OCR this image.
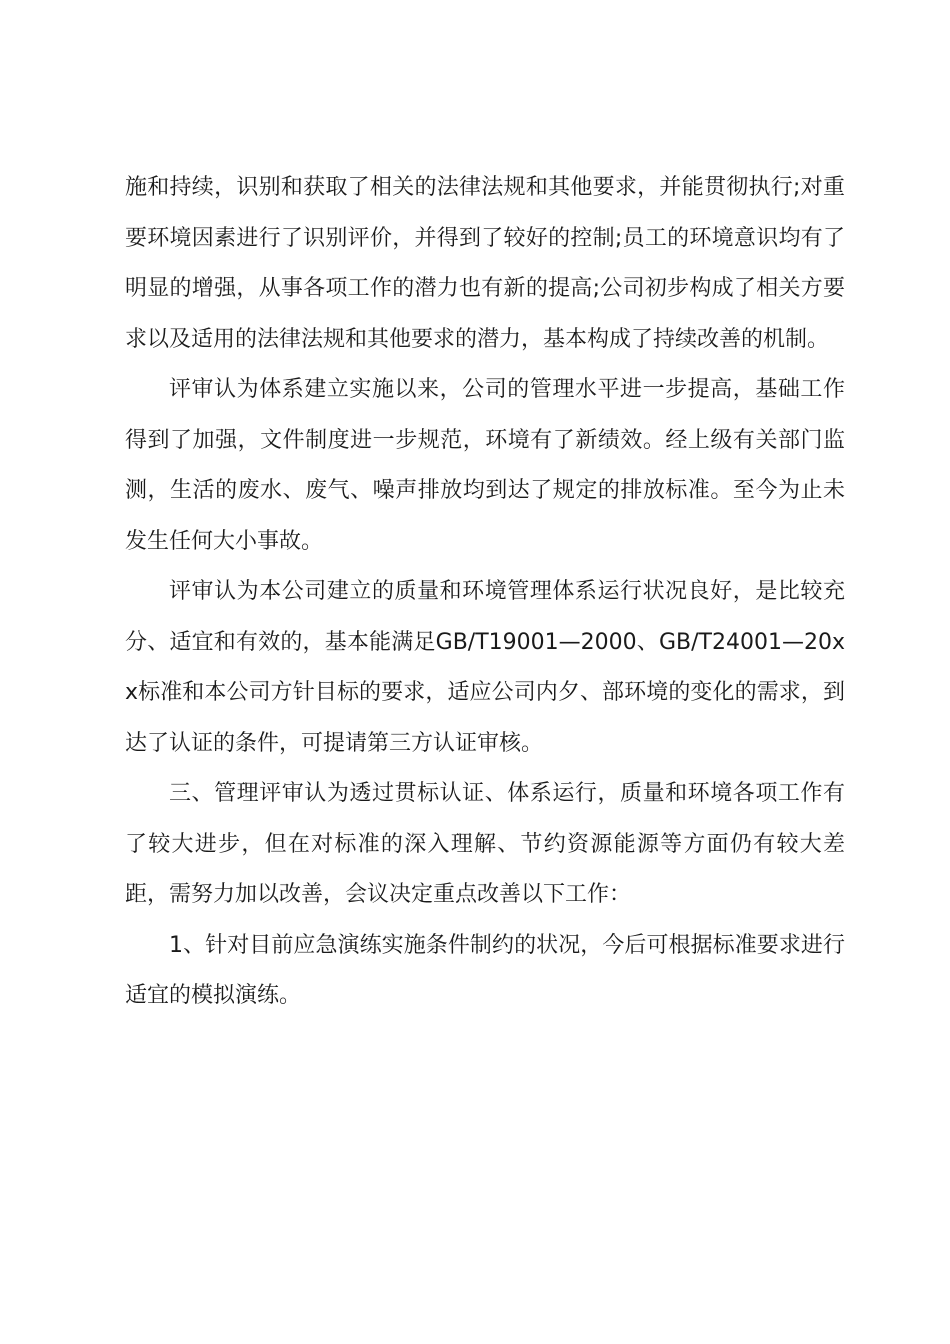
施和持续，识别和获取了相关的法律法规和其他要求，并能贯彻执行;对重要环境因素进行了识别评价，并得到了较好的控制;员工的环境意识均有了明显的增强，从事各项工作的潜力也有新的提高;公司初步构成了相关方要求以及适用的法律法规和其他要求的潜力，基本构成了持续改善的机制。

评审认为体系建立实施以来，公司的管理水平进一步提高，基础工作得到了加强，文件制度进一步规范，环境有了新绩效。经上级有关部门监测，生活的废水、废气、噪声排放均到达了规定的排放标准。至今为止未发生任何大小事故。

评审认为本公司建立的质量和环境管理体系运行状况良好，是比较充分、适宜和有效的，基本能满足GB/T19001—2000、GB/T24001—20xx标准和本公司方针目标的要求，适应公司内夕、部环境的变化的需求，到达了认证的条件，可提请第三方认证审核。

三、管理评审认为透过贯标认证、体系运行，质量和环境各项工作有了较大进步，但在对标准的深入理解、节约资源能源等方面仍有较大差距，需努力加以改善，会议决定重点改善以下工作：

1、针对目前应急演练实施条件制约的状况，今后可根据标准要求进行适宜的模拟演练。
